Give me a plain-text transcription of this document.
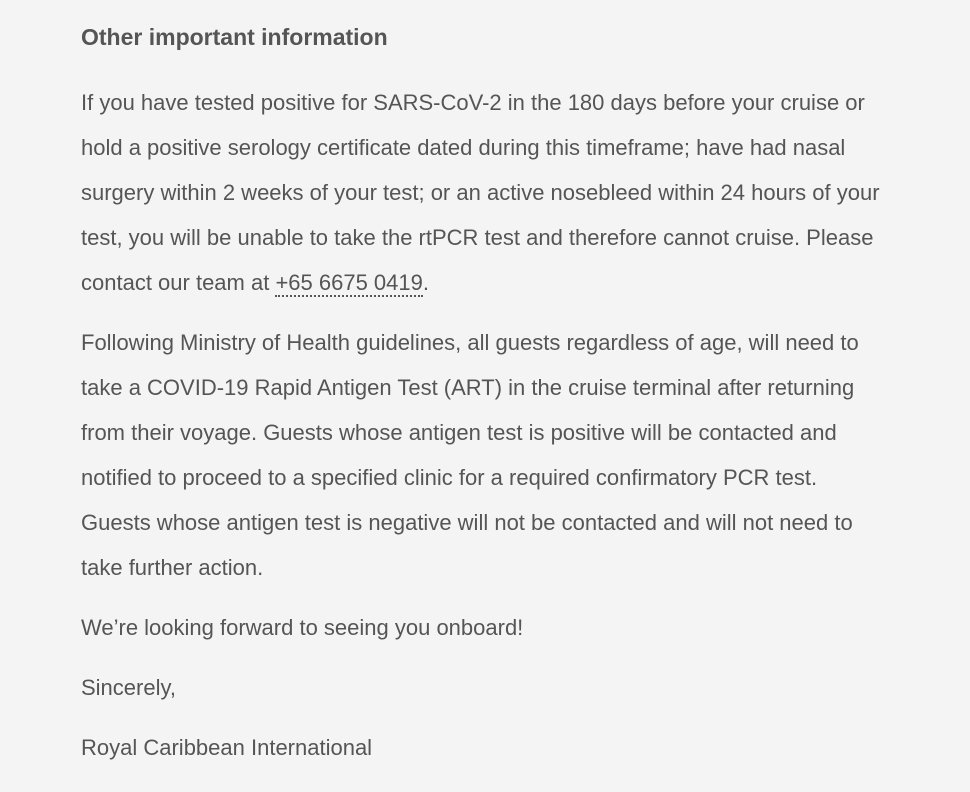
Other important information

If you have tested positive for SARS-CoV-2 in the 180 days before your cruise or hold a positive serology certificate dated during this timeframe; have had nasal surgery within 2 weeks of your test; or an active nosebleed within 24 hours of your test, you will be unable to take the rtPCR test and therefore cannot cruise. Please contact our team at +65 6675 0419.

Following Ministry of Health guidelines, all guests regardless of age, will need to take a COVID-19 Rapid Antigen Test (ART) in the cruise terminal after returning from their voyage. Guests whose antigen test is positive will be contacted and notified to proceed to a specified clinic for a required confirmatory PCR test. Guests whose antigen test is negative will not be contacted and will not need to take further action.

We’re looking forward to seeing you onboard!

Sincerely,

Royal Caribbean International
